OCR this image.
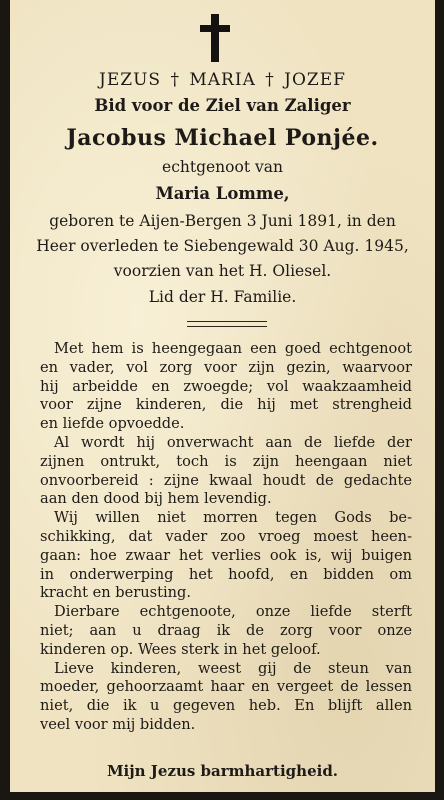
JEZUS † MARIA † JOZEF
Bid voor de Ziel van Zaliger
Jacobus Michael Ponjée.
echtgenoot van
Maria Lomme,
geboren te Aijen-Bergen 3 Juni 1891, in den
Heer overleden te Siebengewald 30 Aug. 1945,
voorzien van het H. Oliesel.
Lid der H. Familie.
Met hem is heengegaan een goed echtgenoot
en vader, vol zorg voor zijn gezin, waarvoor
hij arbeidde en zwoegde; vol waakzaamheid
voor zijne kinderen, die hij met strengheid
en liefde opvoedde.
Al wordt hij onverwacht aan de liefde der
zijnen ontrukt, toch is zijn heengaan niet
onvoorbereid : zijne kwaal houdt de gedachte
aan den dood bij hem levendig.
Wij willen niet morren tegen Gods be-
schikking, dat vader zoo vroeg moest heen-
gaan: hoe zwaar het verlies ook is, wij buigen
in onderwerping het hoofd, en bidden om
kracht en berusting.
Dierbare echtgenoote, onze liefde sterft
niet; aan u draag ik de zorg voor onze
kinderen op. Wees sterk in het geloof.
Lieve kinderen, weest gij de steun van
moeder, gehoorzaamt haar en vergeet de lessen
niet, die ik u gegeven heb. En blijft allen
veel voor mij bidden.
Mijn Jezus barmhartigheid.
